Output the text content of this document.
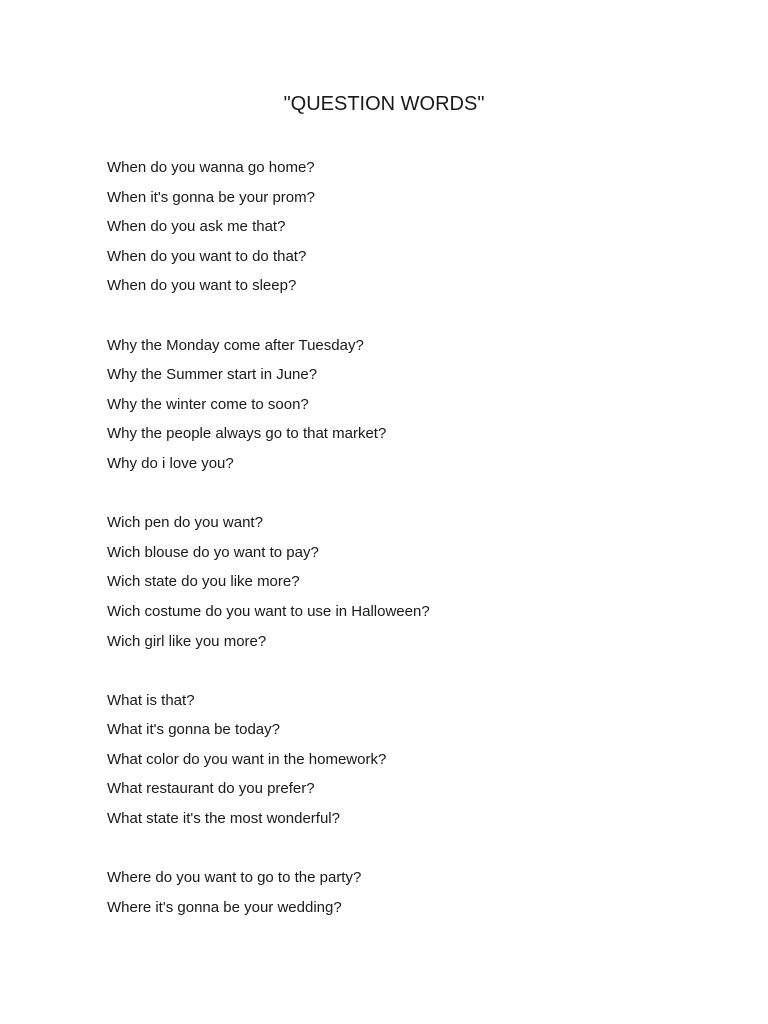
"QUESTION WORDS"
When do you wanna go home?
When it's gonna be your prom?
When do you ask me that?
When do you want to do that?
When do you want to sleep?
Why the Monday come after Tuesday?
Why the Summer start in June?
Why the winter come to soon?
Why the people always go to that market?
Why do i love you?
Wich pen do you want?
Wich blouse do yo want to pay?
Wich state do you like more?
Wich costume do you want to use in Halloween?
Wich girl like you more?
What is that?
What it's gonna be today?
What color do you want in the homework?
What restaurant do you prefer?
What state it's the most wonderful?
Where do you want to go to the party?
Where it's gonna be your wedding?
